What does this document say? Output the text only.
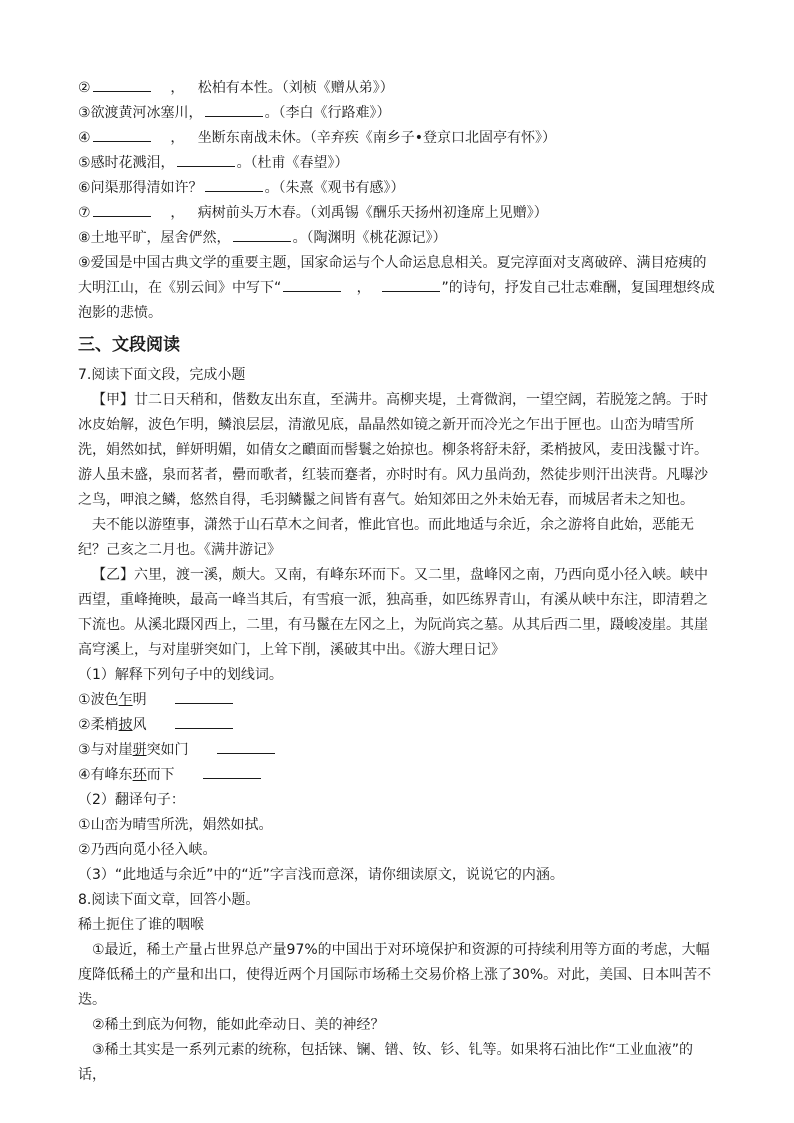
②	， 松柏有本性。（刘桢《赠从弟》）
③欲渡黄河冰塞川，	。（李白《行路难》）
④	， 坐断东南战未休。（辛弃疾《南乡子•登京口北固亭有怀》）
⑤感时花溅泪，	。（杜甫《春望》）
⑥问渠那得清如许？	。（朱熹《观书有感》）
⑦	， 病树前头万木春。（刘禹锡《酬乐天扬州初逢席上见赠》）
⑧土地平旷，屋舍俨然，	。（陶渊明《桃花源记》）
⑨爱国是中国古典文学的重要主题，国家命运与个人命运息息相关。夏完淳面对支离破碎、满目疮痍的大明江山，在《别云间》中写下“	，	”的诗句，抒发自己壮志难酬，复国理想终成泡影的悲愤。
三、文段阅读
7.阅读下面文段，完成小题
【甲】廿二日天稍和，偕数友出东直，至满井。高柳夹堤，土膏微润，一望空阔，若脱笼之鹄。于时冰皮始解，波色乍明，鳞浪层层，清澈见底，晶晶然如镜之新开而冷光之乍出于匣也。山峦为晴雪所洗，娟然如拭，鲜妍明媚，如倩女之靧面而髻鬟之始掠也。柳条将舒未舒，柔梢披风，麦田浅鬣寸许。游人虽未盛，泉而茗者，罍而歌者，红装而蹇者，亦时时有。风力虽尚劲，然徒步则汗出浃背。凡曝沙之鸟，呷浪之鳞，悠然自得，毛羽鳞鬣之间皆有喜气。始知郊田之外未始无春，而城居者未之知也。
夫不能以游堕事，潇然于山石草木之间者，惟此官也。而此地适与余近，余之游将自此始，恶能无纪？己亥之二月也。《满井游记》
【乙】六里，渡一溪，颇大。又南，有峰东环而下。又二里，盘峰冈之南，乃西向觅小径入峡。峡中西望，重峰掩映，最高一峰当其后，有雪痕一派，独高垂，如匹练界青山，有溪从峡中东注，即清碧之下流也。从溪北蹑冈西上，二里，有马鬣在左冈之上，为阮尚宾之墓。从其后西二里，蹑峻凌崖。其崖高穹溪上，与对崖骈突如门，上耸下削，溪破其中出。《游大理日记》
（1）解释下列句子中的划线词。
①波色乍明
②柔梢披风
③与对崖骈突如门
④有峰东环而下
（2）翻译句子：
①山峦为晴雪所洗，娟然如拭。
②乃西向觅小径入峡。
（3）“此地适与余近”中的“近”字言浅而意深，请你细读原文，说说它的内涵。
8.阅读下面文章，回答小题。
稀土扼住了谁的咽喉
①最近，稀土产量占世界总产量97%的中国出于对环境保护和资源的可持续利用等方面的考虑，大幅度降低稀土的产量和出口，使得近两个月国际市场稀土交易价格上涨了30%。对此，美国、日本叫苦不迭。
②稀土到底为何物，能如此牵动日、美的神经？
③稀土其实是一系列元素的统称，包括铼、镧、镨、钕、钐、钆等。如果将石油比作“工业血液”的话，
